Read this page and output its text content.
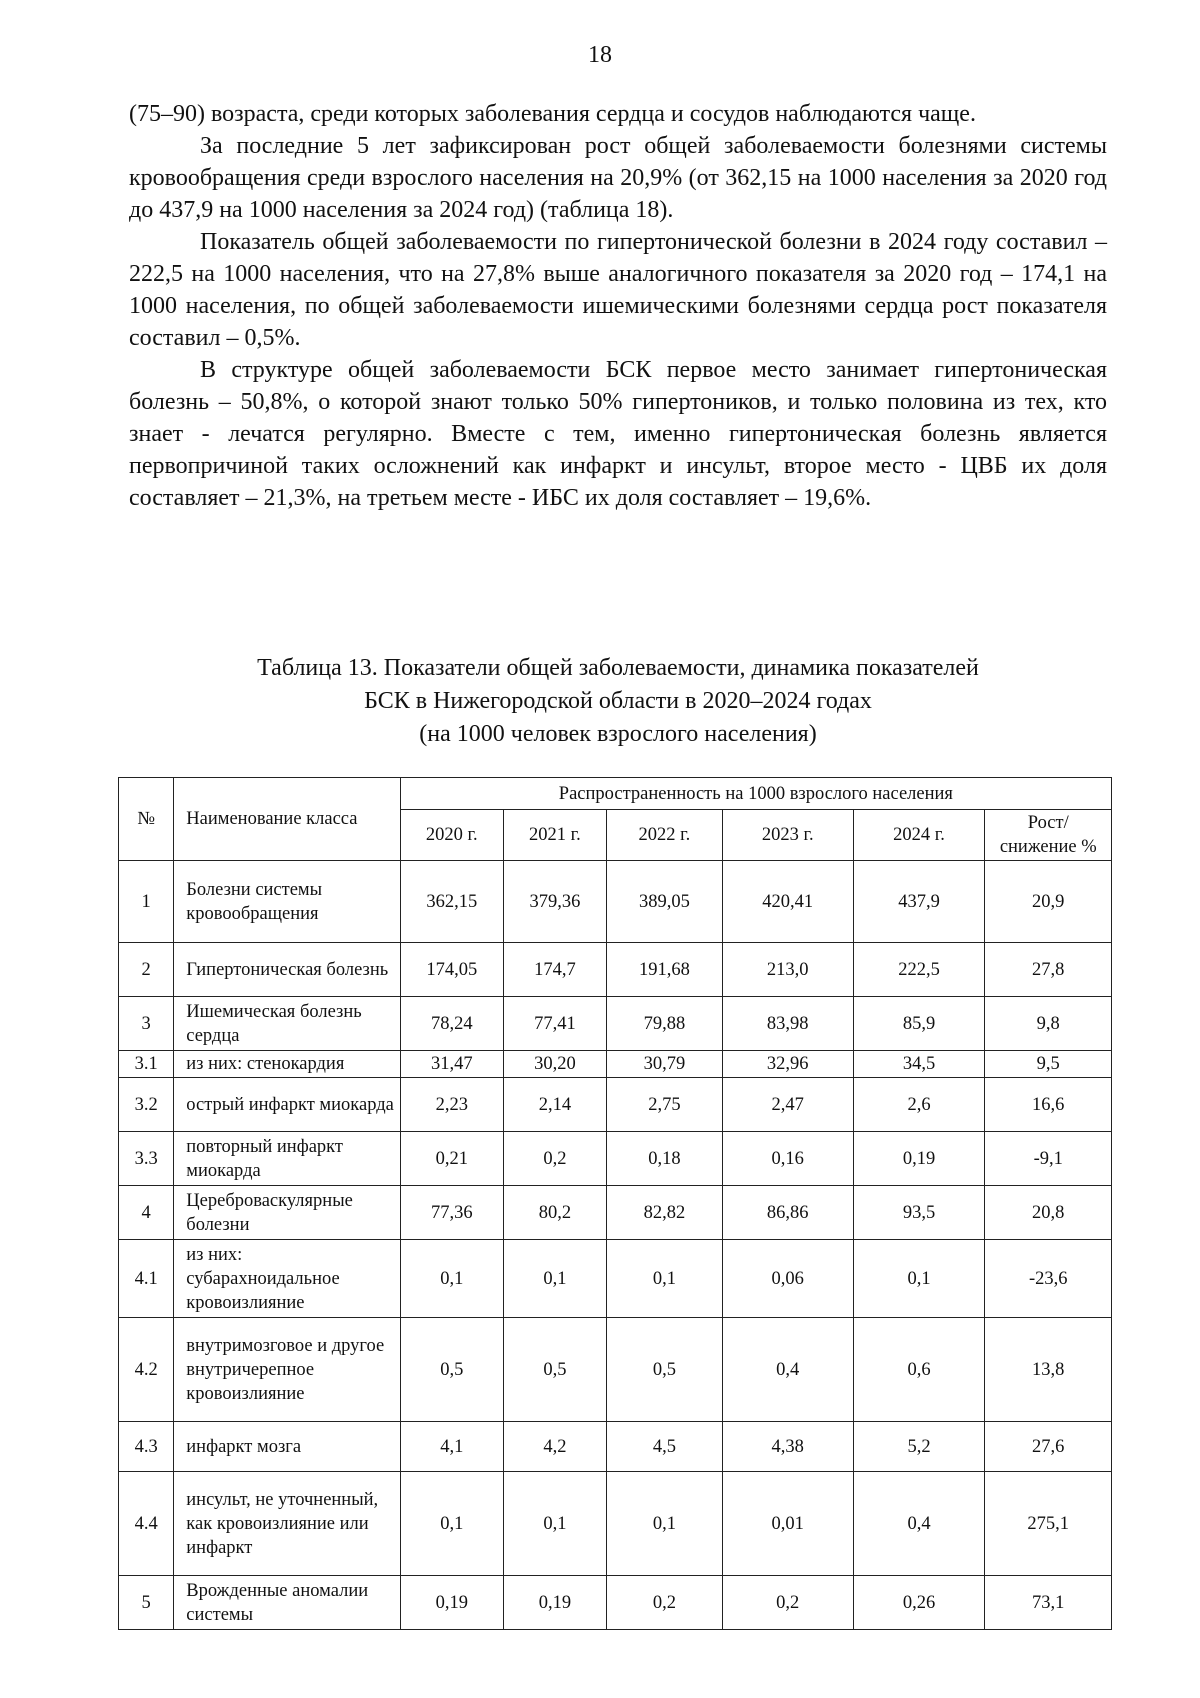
18

(75–90) возраста, среди которых заболевания сердца и сосудов наблюдаются чаще.

За последние 5 лет зафиксирован рост общей заболеваемости болезнями системы кровообращения среди взрослого населения на 20,9% (от 362,15 на 1000 населения за 2020 год до 437,9 на 1000 населения за 2024 год) (таблица 18).

Показатель общей заболеваемости по гипертонической болезни в 2024 году составил – 222,5 на 1000 населения, что на 27,8% выше аналогичного показателя за 2020 год – 174,1 на 1000 населения, по общей заболеваемости ишемическими болезнями сердца рост показателя составил – 0,5%.

В структуре общей заболеваемости БСК первое место занимает гипертоническая болезнь – 50,8%, о которой знают только 50% гипертоников, и только половина из тех, кто знает - лечатся регулярно. Вместе с тем, именно гипертоническая болезнь является первопричиной таких осложнений как инфаркт и инсульт, второе место - ЦВБ их доля составляет – 21,3%, на третьем месте - ИБС их доля составляет – 19,6%.

Таблица 13. Показатели общей заболеваемости, динамика показателей
БСК в Нижегородской области в 2020–2024 годах
(на 1000 человек взрослого населения)
№	Наименование класса	Распространенность на 1000 взрослого населения					
		2020 г.	2021 г.	2022 г.	2023 г.	2024 г.	Рост/снижение %
1	Болезни системы кровообращения	362,15	379,36	389,05	420,41	437,9	20,9
2	Гипертоническая болезнь	174,05	174,7	191,68	213,0	222,5	27,8
3	Ишемическая болезнь сердца	78,24	77,41	79,88	83,98	85,9	9,8
3.1	из них: стенокардия	31,47	30,20	30,79	32,96	34,5	9,5
3.2	острый инфаркт миокарда	2,23	2,14	2,75	2,47	2,6	16,6
3.3	повторный инфаркт миокарда	0,21	0,2	0,18	0,16	0,19	-9,1
4	Цереброваскулярные болезни	77,36	80,2	82,82	86,86	93,5	20,8
4.1	из них: субарахноидальное кровоизлияние	0,1	0,1	0,1	0,06	0,1	-23,6
4.2	внутримозговое и другое внутричерепное кровоизлияние	0,5	0,5	0,5	0,4	0,6	13,8
4.3	инфаркт мозга	4,1	4,2	4,5	4,38	5,2	27,6
4.4	инсульт, не уточненный, как кровоизлияние или инфаркт	0,1	0,1	0,1	0,01	0,4	275,1
5	Врожденные аномалии системы	0,19	0,19	0,2	0,2	0,26	73,1
